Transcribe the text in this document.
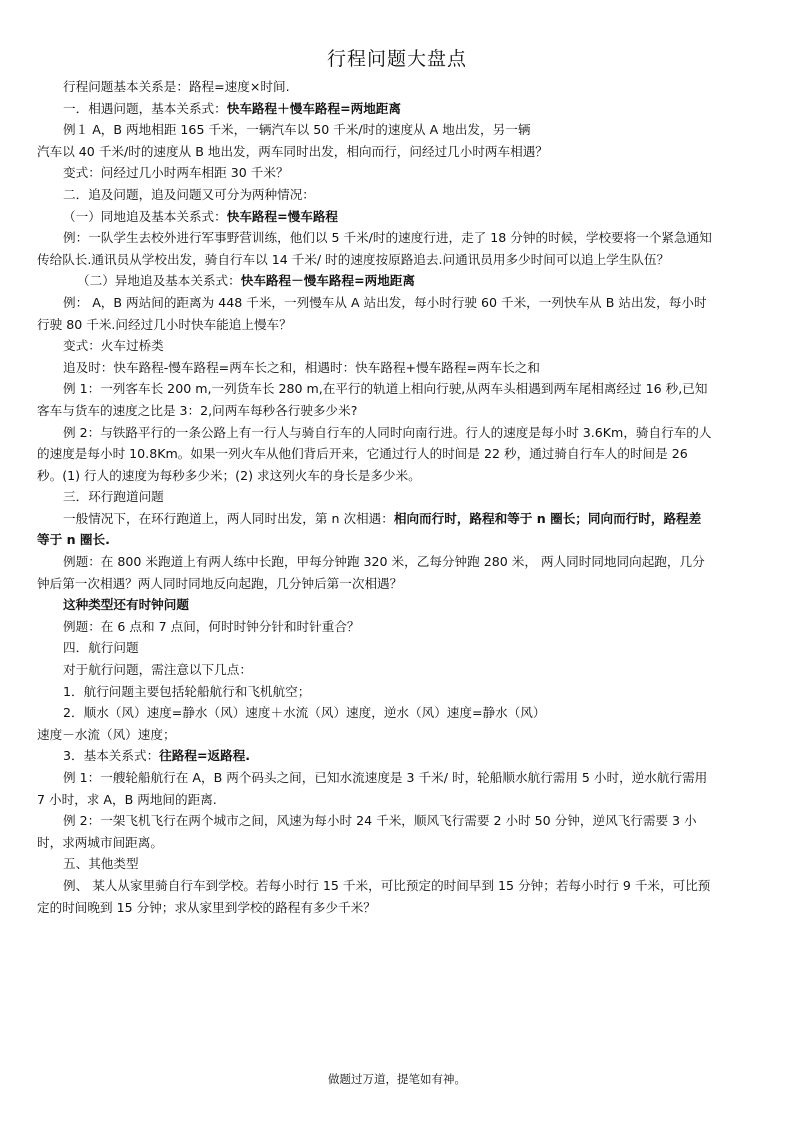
行程问题大盘点

行程问题基本关系是：路程=速度×时间.

一．相遇问题，基本关系式：快车路程＋慢车路程=两地距离

例１ A，B 两地相距 165 千米，一辆汽车以 50 千米/时的速度从 A 地出发，另一辆

汽车以 40 千米/时的速度从 B 地出发，两车同时出发，相向而行，问经过几小时两车相遇？

变式：问经过几小时两车相距 30 千米？

二．追及问题，追及问题又可分为两种情况：

（一）同地追及基本关系式：快车路程=慢车路程

例：一队学生去校外进行军事野营训练，他们以 5 千米/时的速度行进，走了 18 分钟的时候，学校要将一个紧急通知传给队长.通讯员从学校出发，骑自行车以 14 千米/ 时的速度按原路追去.问通讯员用多少时间可以追上学生队伍？

（二）异地追及基本关系式：快车路程－慢车路程=两地距离

例： A，B 两站间的距离为 448 千米，一列慢车从 A 站出发，每小时行驶 60 千米，一列快车从 B 站出发，每小时行驶 80 千米.问经过几小时快车能追上慢车？

变式：火车过桥类

追及时：快车路程-慢车路程=两车长之和，相遇时：快车路程+慢车路程=两车长之和

例 1：一列客车长 200 m,一列货车长 280 m,在平行的轨道上相向行驶,从两车头相遇到两车尾相离经过 16 秒,已知客车与货车的速度之比是 3：2,问两车每秒各行驶多少米?

例 2：与铁路平行的一条公路上有一行人与骑自行车的人同时向南行进。行人的速度是每小时 3.6Km，骑自行车的人的速度是每小时 10.8Km。如果一列火车从他们背后开来，它通过行人的时间是 22 秒，通过骑自行车人的时间是 26 秒。(1) 行人的速度为每秒多少米；(2) 求这列火车的身长是多少米。

三．环行跑道问题

一般情况下，在环行跑道上，两人同时出发，第 n 次相遇：相向而行时，路程和等于 n 圈长；同向而行时，路程差等于 n 圈长.

例题：在 800 米跑道上有两人练中长跑，甲每分钟跑 320 米，乙每分钟跑 280 米， 两人同时同地同向起跑，几分钟后第一次相遇？两人同时同地反向起跑，几分钟后第一次相遇？

这种类型还有时钟问题

例题：在 6 点和 7 点间，何时时钟分针和时针重合？

四．航行问题

对于航行问题，需注意以下几点：

1．航行问题主要包括轮船航行和飞机航空；

2．顺水（风）速度=静水（风）速度＋水流（风）速度，逆水（风）速度=静水（风）

速度－水流（风）速度；

3．基本关系式：往路程=返路程.

例 1：一艘轮船航行在 A，B 两个码头之间，已知水流速度是 3 千米/ 时，轮船顺水航行需用 5 小时，逆水航行需用 7 小时，求 A，B 两地间的距离.

例 2：一架飞机飞行在两个城市之间，风速为每小时 24 千米，顺风飞行需要 2 小时 50 分钟，逆风飞行需要 3 小时，求两城市间距离。

五、其他类型

例、 某人从家里骑自行车到学校。若每小时行 15 千米，可比预定的时间早到 15 分钟；若每小时行 9 千米，可比预定的时间晚到 15 分钟；求从家里到学校的路程有多少千米？

做题过万道，提笔如有神。
